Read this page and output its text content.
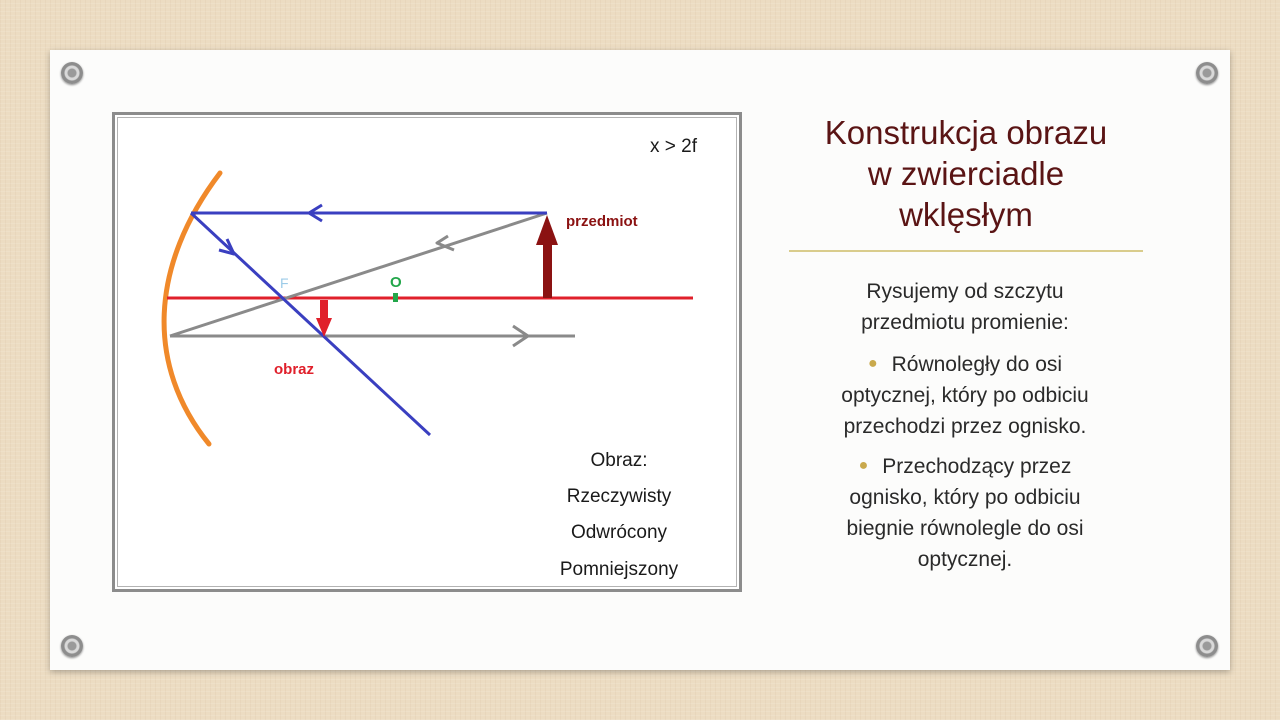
F	O
przedmiot
obraz
x > 2f
Obraz:
Rzeczywisty
Odwrócony
Pomniejszony
Konstrukcja obrazu
w zwierciadle
wklęsłym
Rysujemy od szczytu
przedmiotu promienie:
● Równoległy do osi
optycznej, który po odbiciu
przechodzi przez ognisko.
● Przechodzący przez
ognisko, który po odbiciu
biegnie równolegle do osi
optycznej.
